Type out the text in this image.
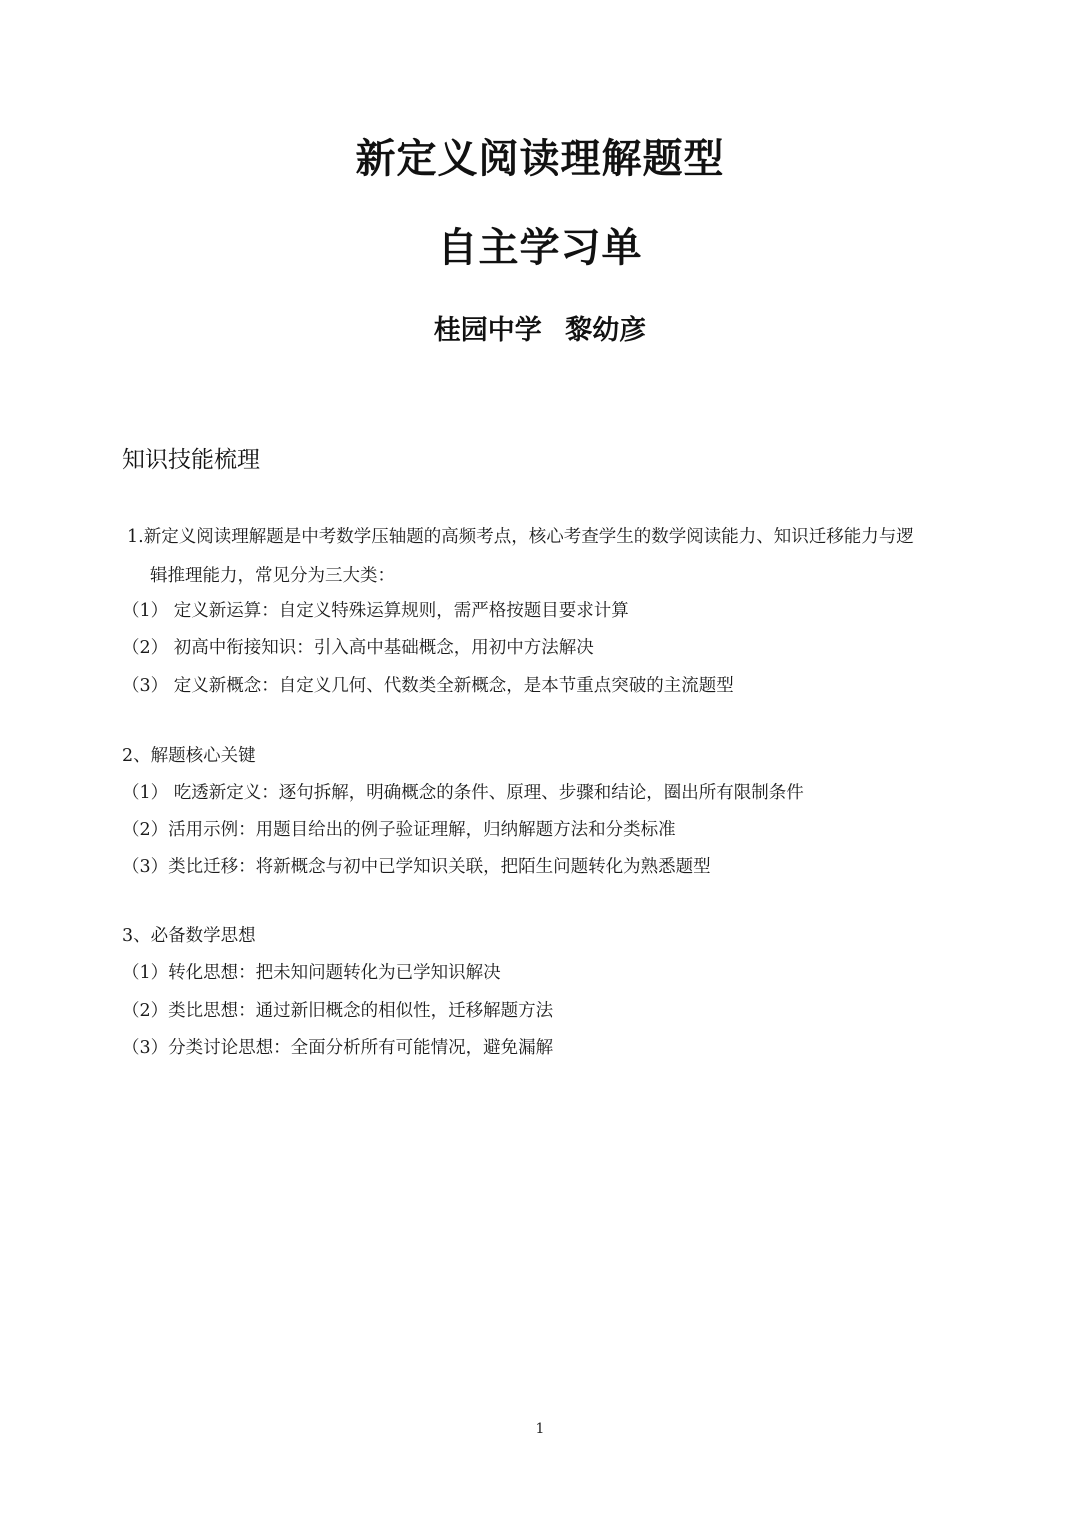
新定义阅读理解题型
自主学习单
桂园中学 黎幼彦
知识技能梳理
1.新定义阅读理解题是中考数学压轴题的高频考点，核心考查学生的数学阅读能力、知识迁移能力与逻
辑推理能力，常见分为三大类：
（1） 定义新运算：自定义特殊运算规则，需严格按题目要求计算
（2） 初高中衔接知识：引入高中基础概念，用初中方法解决
（3） 定义新概念：自定义几何、代数类全新概念，是本节重点突破的主流题型
2、解题核心关键
（1） 吃透新定义：逐句拆解，明确概念的条件、原理、步骤和结论，圈出所有限制条件
（2）活用示例：用题目给出的例子验证理解，归纳解题方法和分类标准
（3）类比迁移：将新概念与初中已学知识关联，把陌生问题转化为熟悉题型
3、必备数学思想
（1）转化思想：把未知问题转化为已学知识解决
（2）类比思想：通过新旧概念的相似性，迁移解题方法
（3）分类讨论思想：全面分析所有可能情况，避免漏解
1
